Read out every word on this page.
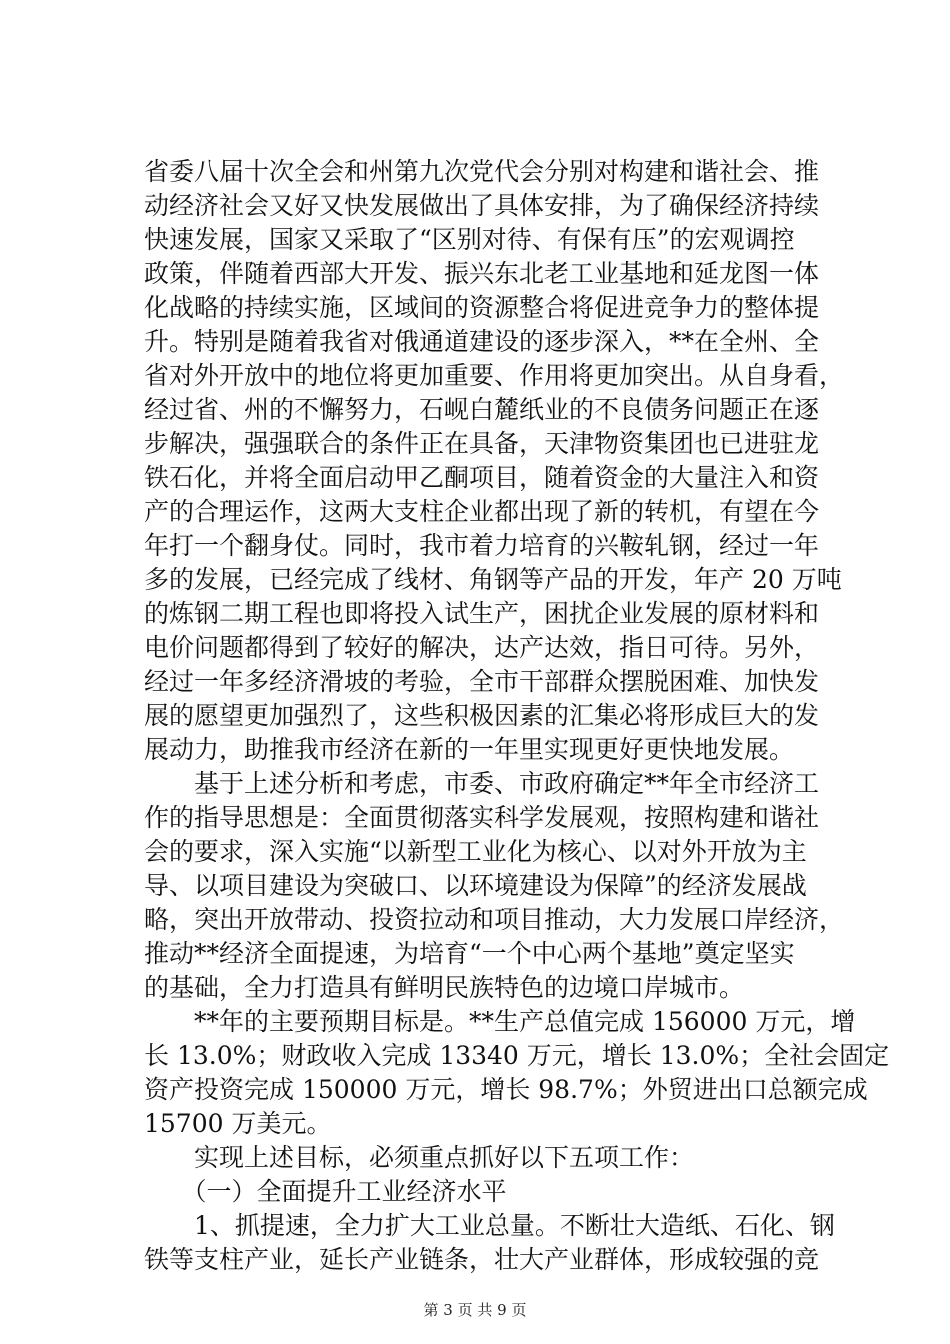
省委八届十次全会和州第九次党代会分别对构建和谐社会、推
动经济社会又好又快发展做出了具体安排，为了确保经济持续
快速发展，国家又采取了“区别对待、有保有压”的宏观调控
政策，伴随着西部大开发、振兴东北老工业基地和延龙图一体
化战略的持续实施，区域间的资源整合将促进竞争力的整体提
升。特别是随着我省对俄通道建设的逐步深入，**在全州、全
省对外开放中的地位将更加重要、作用将更加突出。从自身看，
经过省、州的不懈努力，石岘白麓纸业的不良债务问题正在逐
步解决，强强联合的条件正在具备，天津物资集团也已进驻龙
铁石化，并将全面启动甲乙酮项目，随着资金的大量注入和资
产的合理运作，这两大支柱企业都出现了新的转机，有望在今
年打一个翻身仗。同时，我市着力培育的兴鞍轧钢，经过一年
多的发展，已经完成了线材、角钢等产品的开发，年产 20 万吨
的炼钢二期工程也即将投入试生产，困扰企业发展的原材料和
电价问题都得到了较好的解决，达产达效，指日可待。另外，
经过一年多经济滑坡的考验，全市干部群众摆脱困难、加快发
展的愿望更加强烈了，这些积极因素的汇集必将形成巨大的发
展动力，助推我市经济在新的一年里实现更好更快地发展。
　　基于上述分析和考虑，市委、市政府确定**年全市经济工
作的指导思想是：全面贯彻落实科学发展观，按照构建和谐社
会的要求，深入实施“以新型工业化为核心、以对外开放为主
导、以项目建设为突破口、以环境建设为保障”的经济发展战
略，突出开放带动、投资拉动和项目推动，大力发展口岸经济，
推动**经济全面提速，为培育“一个中心两个基地”奠定坚实
的基础，全力打造具有鲜明民族特色的边境口岸城市。
　　**年的主要预期目标是。**生产总值完成 156000 万元，增
长 13.0%；财政收入完成 13340 万元，增长 13.0%；全社会固定
资产投资完成 150000 万元，增长 98.7%；外贸进出口总额完成
15700 万美元。
　　实现上述目标，必须重点抓好以下五项工作：
　　（一）全面提升工业经济水平
　　1、抓提速，全力扩大工业总量。不断壮大造纸、石化、钢
铁等支柱产业，延长产业链条，壮大产业群体，形成较强的竞
第 3 页 共 9 页
